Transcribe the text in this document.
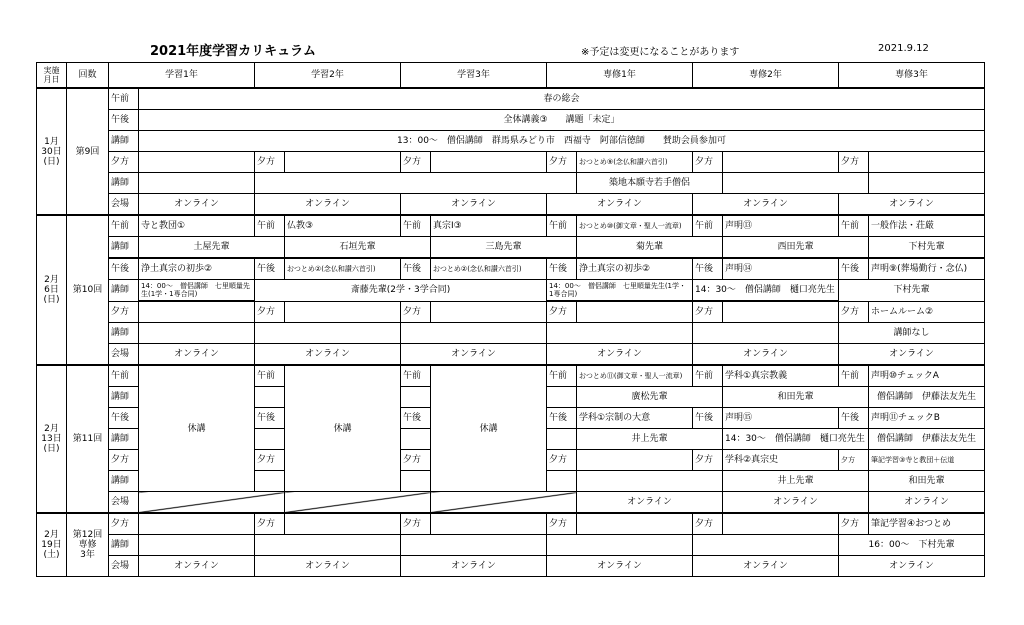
2021年度学習カリキュラム	※予定は変更になることがあります	2021.9.12
実施
月日	回数	学習1年		学習2年		学習3年		専修1年		専修2年		専修3年	
1月
30日
(日)	第9回	午前	春の総会										
		午後	全体講義③　　講題「未定」										
		講師	13：00～　僧侶講師　群馬県みどり市　西福寺　阿部信徳師　　賛助会員参加可										
		夕方		夕方		夕方		夕方	おつとめ⑨(念仏和讃六首引)	夕方		夕方	
		講師							築地本願寺若手僧侶				
		会場	オンライン	オンライン		オンライン		オンライン		オンライン		オンライン	
2月
6日
(日)	第10回	午前	寺と教団①	午前	仏教③	午前	真宗Ⅰ③	午前	おつとめ⑩(御文章・聖人一流章)	午前	声明⑬	午前	一般作法・荘厳
		講師	土屋先輩		石垣先輩		三島先輩		菊先輩		西田先輩		下村先輩
		午後	浄土真宗の初歩②	午後	おつとめ②(念仏和讃六首引)	午後	おつとめ②(念仏和讃六首引)	午後	浄土真宗の初歩②	午後	声明⑭	午後	声明⑨(葬場勤行・念仏)
		講師	14：00～　僧侶講師　七里順量先生(1学・1専合同)	斎藤先輩(2学・3学合同)				14：00～　僧侶講師　七里順量先生(1学・1専合同)		14：30～　僧侶講師　樋口亮先生		下村先輩	
		夕方		夕方		夕方		夕方		夕方		夕方	ホームルーム②
		講師										講師なし	
		会場	オンライン	オンライン		オンライン		オンライン		オンライン		オンライン	
2月
13日
(日)	第11回	午前	休講	午前	休講	午前	休講	午前	おつとめ⑪(御文章・聖人一流章)	午前	学科①真宗教義	午前	声明⑩チェックA
		講師							廣松先輩		和田先輩		僧侶講師　伊藤法友先生
		午後		午後		午後		午後	学科①宗制の大意	午後	声明⑮	午後	声明⑪チェックB
		講師							井上先輩		14：30～　僧侶講師　樋口亮先生		僧侶講師　伊藤法友先生
		夕方		夕方		夕方		夕方		夕方	学科②真宗史	夕方	筆記学習③寺と教団＋伝道
		講師									井上先輩		和田先輩
		会場							オンライン		オンライン		オンライン
2月
19日
(土)	第12回
専修
3年	夕方		夕方		夕方		夕方		夕方		夕方	筆記学習④おつとめ
		講師										16：00～　下村先輩	
		会場	オンライン	オンライン		オンライン		オンライン		オンライン		オンライン	
